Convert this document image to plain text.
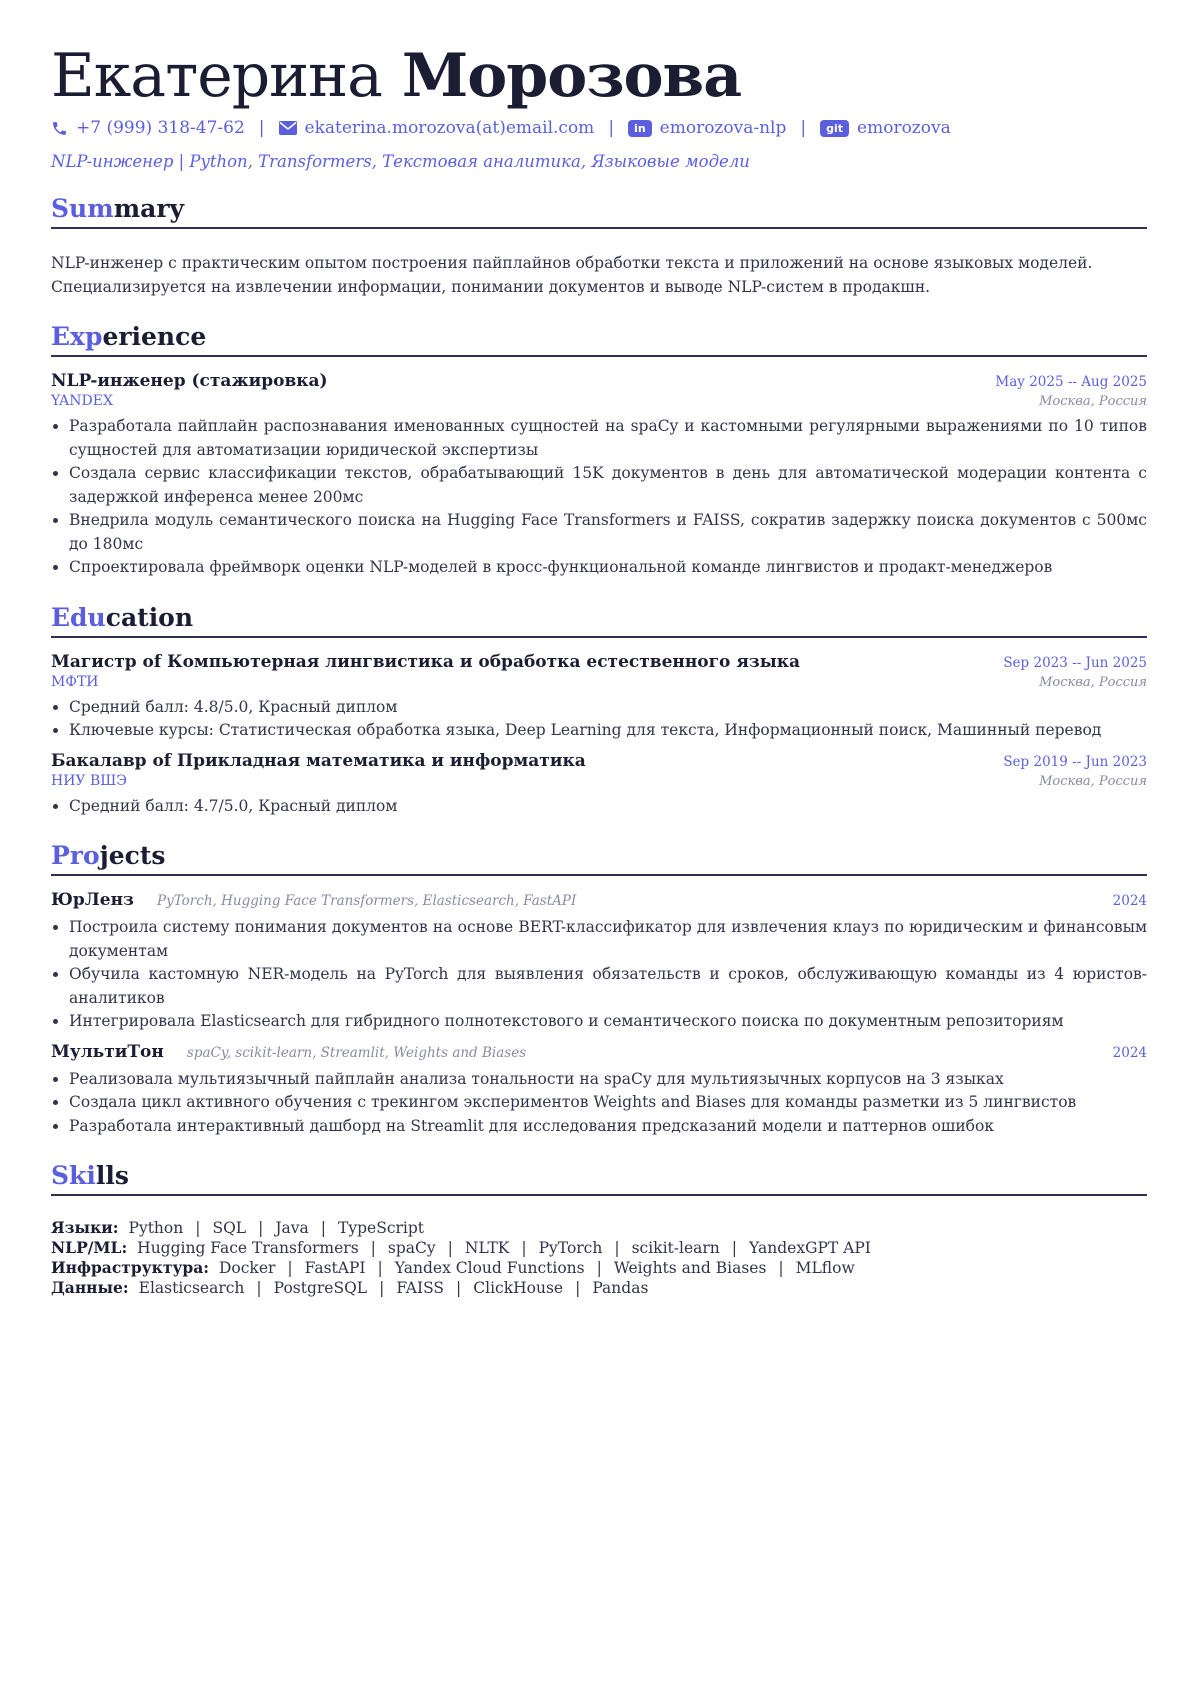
Екатерина Морозова
+7 (999) 318-47-62 | ekaterina.morozova(at)email.com |	in emorozova-nlp |	git emorozova
NLP-инженер | Python, Transformers, Текстовая аналитика, Языковые модели
Summary
NLP-инженер с практическим опытом построения пайплайнов обработки текста и приложений на основе языковых моделей. Специализируется на извлечении информации, понимании документов и выводе NLP-систем в продакшн.
Experience
NLP-инженер (стажировка)	May 2025 -- Aug 2025
YANDEX	Москва, Россия
• Разработала пайплайн распознавания именованных сущностей на spaCy и кастомными регулярными выражениями по 10 типов сущностей для автоматизации юридической экспертизы
• Создала сервис классификации текстов, обрабатывающий 15K документов в день для автоматической модерации контента с задержкой инференса менее 200мс
• Внедрила модуль семантического поиска на Hugging Face Transformers и FAISS, сократив задержку поиска документов с 500мс до 180мс
• Спроектировала фреймворк оценки NLP-моделей в кросс-функциональной команде лингвистов и продакт-менеджеров
Education
Магистр of Компьютерная лингвистика и обработка естественного языка	Sep 2023 -- Jun 2025
МФТИ	Москва, Россия
• Средний балл: 4.8/5.0, Красный диплом
• Ключевые курсы: Статистическая обработка языка, Deep Learning для текста, Информационный поиск, Машинный перевод
Бакалавр of Прикладная математика и информатика	Sep 2019 -- Jun 2023
НИУ ВШЭ	Москва, Россия
• Средний балл: 4.7/5.0, Красный диплом
Projects
ЮрЛенз PyTorch, Hugging Face Transformers, Elasticsearch, FastAPI	2024
• Построила систему понимания документов на основе BERT-классификатор для извлечения клауз по юридическим и финансовым документам
• Обучила кастомную NER-модель на PyTorch для выявления обязательств и сроков, обслуживающую команды из 4 юристов-аналитиков
• Интегрировала Elasticsearch для гибридного полнотекстового и семантического поиска по документным репозиториям
МультиТон spaCy, scikit-learn, Streamlit, Weights and Biases	2024
• Реализовала мультиязычный пайплайн анализа тональности на spaCy для мультиязычных корпусов на 3 языках
• Создала цикл активного обучения с трекингом экспериментов Weights and Biases для команды разметки из 5 лингвистов
• Разработала интерактивный дашборд на Streamlit для исследования предсказаний модели и паттернов ошибок
Skills
Языки: Python | SQL | Java | TypeScript
NLP/ML: Hugging Face Transformers | spaCy | NLTK | PyTorch | scikit-learn | YandexGPT API
Инфраструктура: Docker | FastAPI | Yandex Cloud Functions | Weights and Biases | MLflow
Данные: Elasticsearch | PostgreSQL | FAISS | ClickHouse | Pandas
